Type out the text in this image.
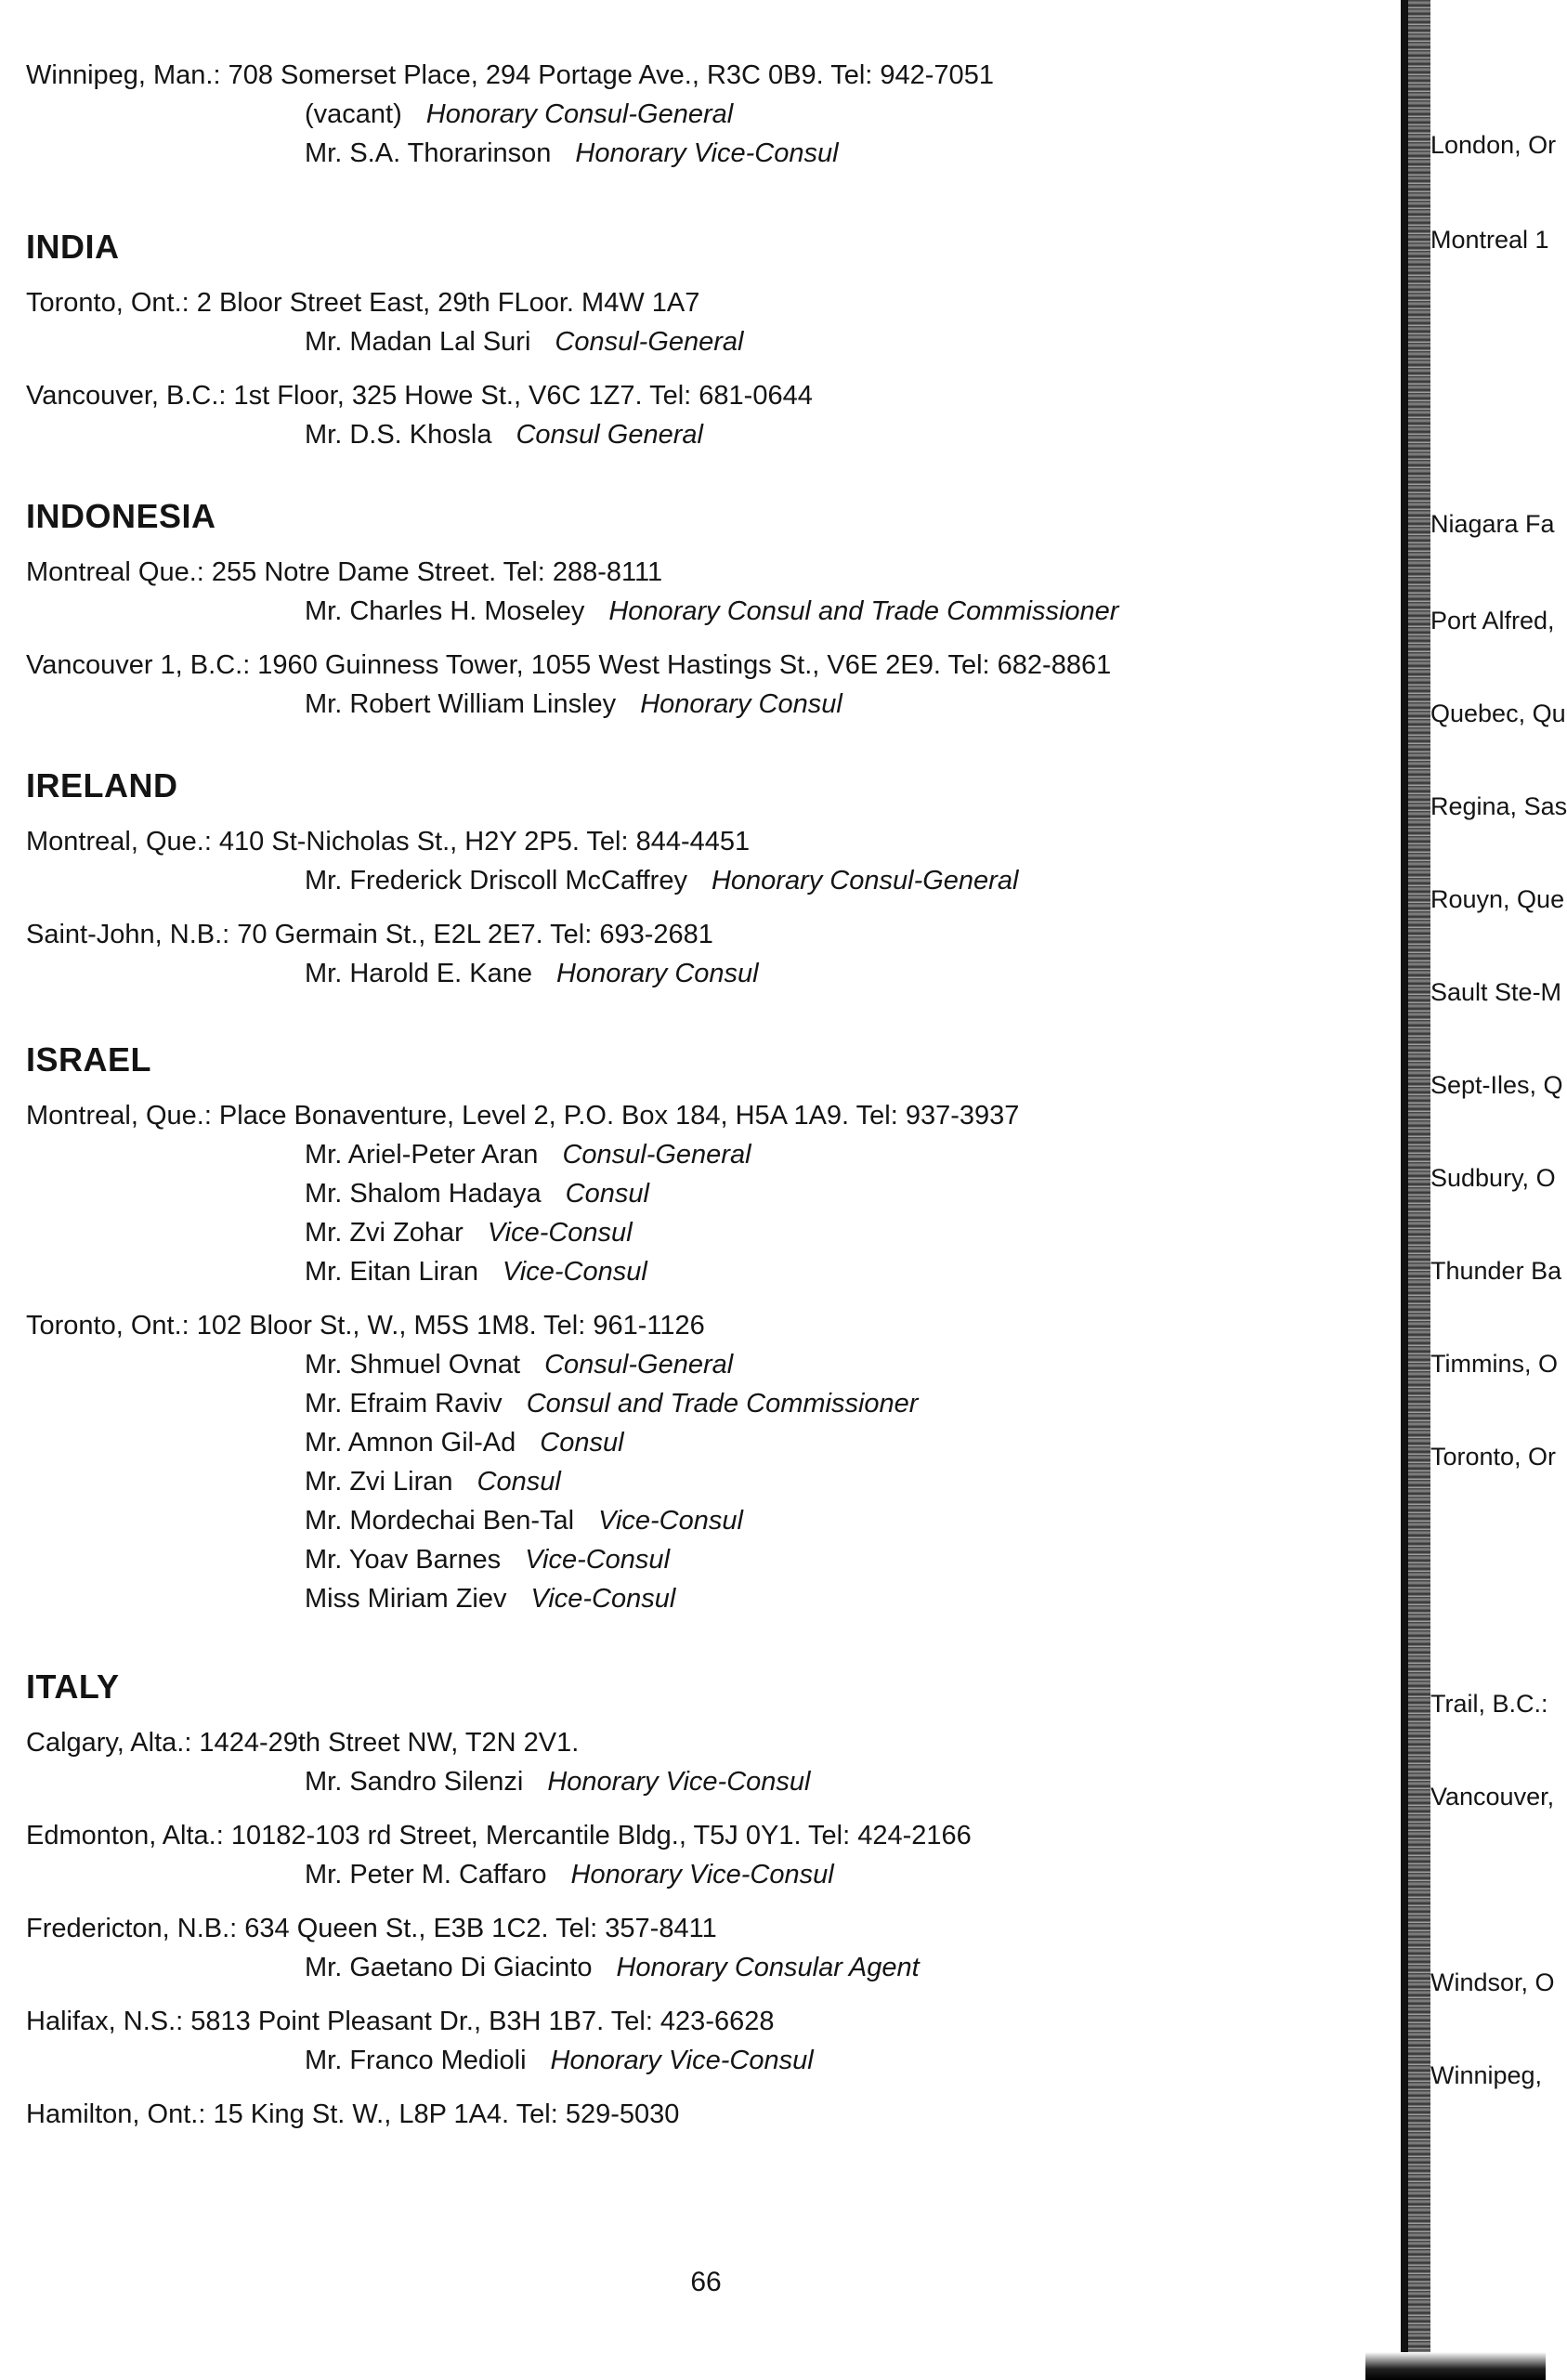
Winnipeg, Man.: 708 Somerset Place, 294 Portage Ave., R3C 0B9. Tel: 942-7051
(vacant) Honorary Consul-General
Mr. S.A. Thorarinson Honorary Vice-Consul
INDIA
Toronto, Ont.: 2 Bloor Street East, 29th FLoor. M4W 1A7
Mr. Madan Lal Suri Consul-General
Vancouver, B.C.: 1st Floor, 325 Howe St., V6C 1Z7. Tel: 681-0644
Mr. D.S. Khosla Consul General
INDONESIA
Montreal Que.: 255 Notre Dame Street. Tel: 288-8111
Mr. Charles H. Moseley Honorary Consul and Trade Commissioner
Vancouver 1, B.C.: 1960 Guinness Tower, 1055 West Hastings St., V6E 2E9. Tel: 682-8861
Mr. Robert William Linsley Honorary Consul
IRELAND
Montreal, Que.: 410 St-Nicholas St., H2Y 2P5. Tel: 844-4451
Mr. Frederick Driscoll McCaffrey Honorary Consul-General
Saint-John, N.B.: 70 Germain St., E2L 2E7. Tel: 693-2681
Mr. Harold E. Kane Honorary Consul
ISRAEL
Montreal, Que.: Place Bonaventure, Level 2, P.O. Box 184, H5A 1A9. Tel: 937-3937
Mr. Ariel-Peter Aran Consul-General
Mr. Shalom Hadaya Consul
Mr. Zvi Zohar Vice-Consul
Mr. Eitan Liran Vice-Consul
Toronto, Ont.: 102 Bloor St., W., M5S 1M8. Tel: 961-1126
Mr. Shmuel Ovnat Consul-General
Mr. Efraim Raviv Consul and Trade Commissioner
Mr. Amnon Gil-Ad Consul
Mr. Zvi Liran Consul
Mr. Mordechai Ben-Tal Vice-Consul
Mr. Yoav Barnes Vice-Consul
Miss Miriam Ziev Vice-Consul
ITALY
Calgary, Alta.: 1424-29th Street NW, T2N 2V1.
Mr. Sandro Silenzi Honorary Vice-Consul
Edmonton, Alta.: 10182-103 rd Street, Mercantile Bldg., T5J 0Y1. Tel: 424-2166
Mr. Peter M. Caffaro Honorary Vice-Consul
Fredericton, N.B.: 634 Queen St., E3B 1C2. Tel: 357-8411
Mr. Gaetano Di Giacinto Honorary Consular Agent
Halifax, N.S.: 5813 Point Pleasant Dr., B3H 1B7. Tel: 423-6628
Mr. Franco Medioli Honorary Vice-Consul
Hamilton, Ont.: 15 King St. W., L8P 1A4. Tel: 529-5030
66
London, Or
Montreal 1
Niagara Fa
Port Alfred,
Quebec, Qu
Regina, Sas
Rouyn, Que
Sault Ste-M
Sept-Iles, Q
Sudbury, O
Thunder Ba
Timmins, O
Toronto, Or
Trail, B.C.:
Vancouver,
Windsor, O
Winnipeg,
